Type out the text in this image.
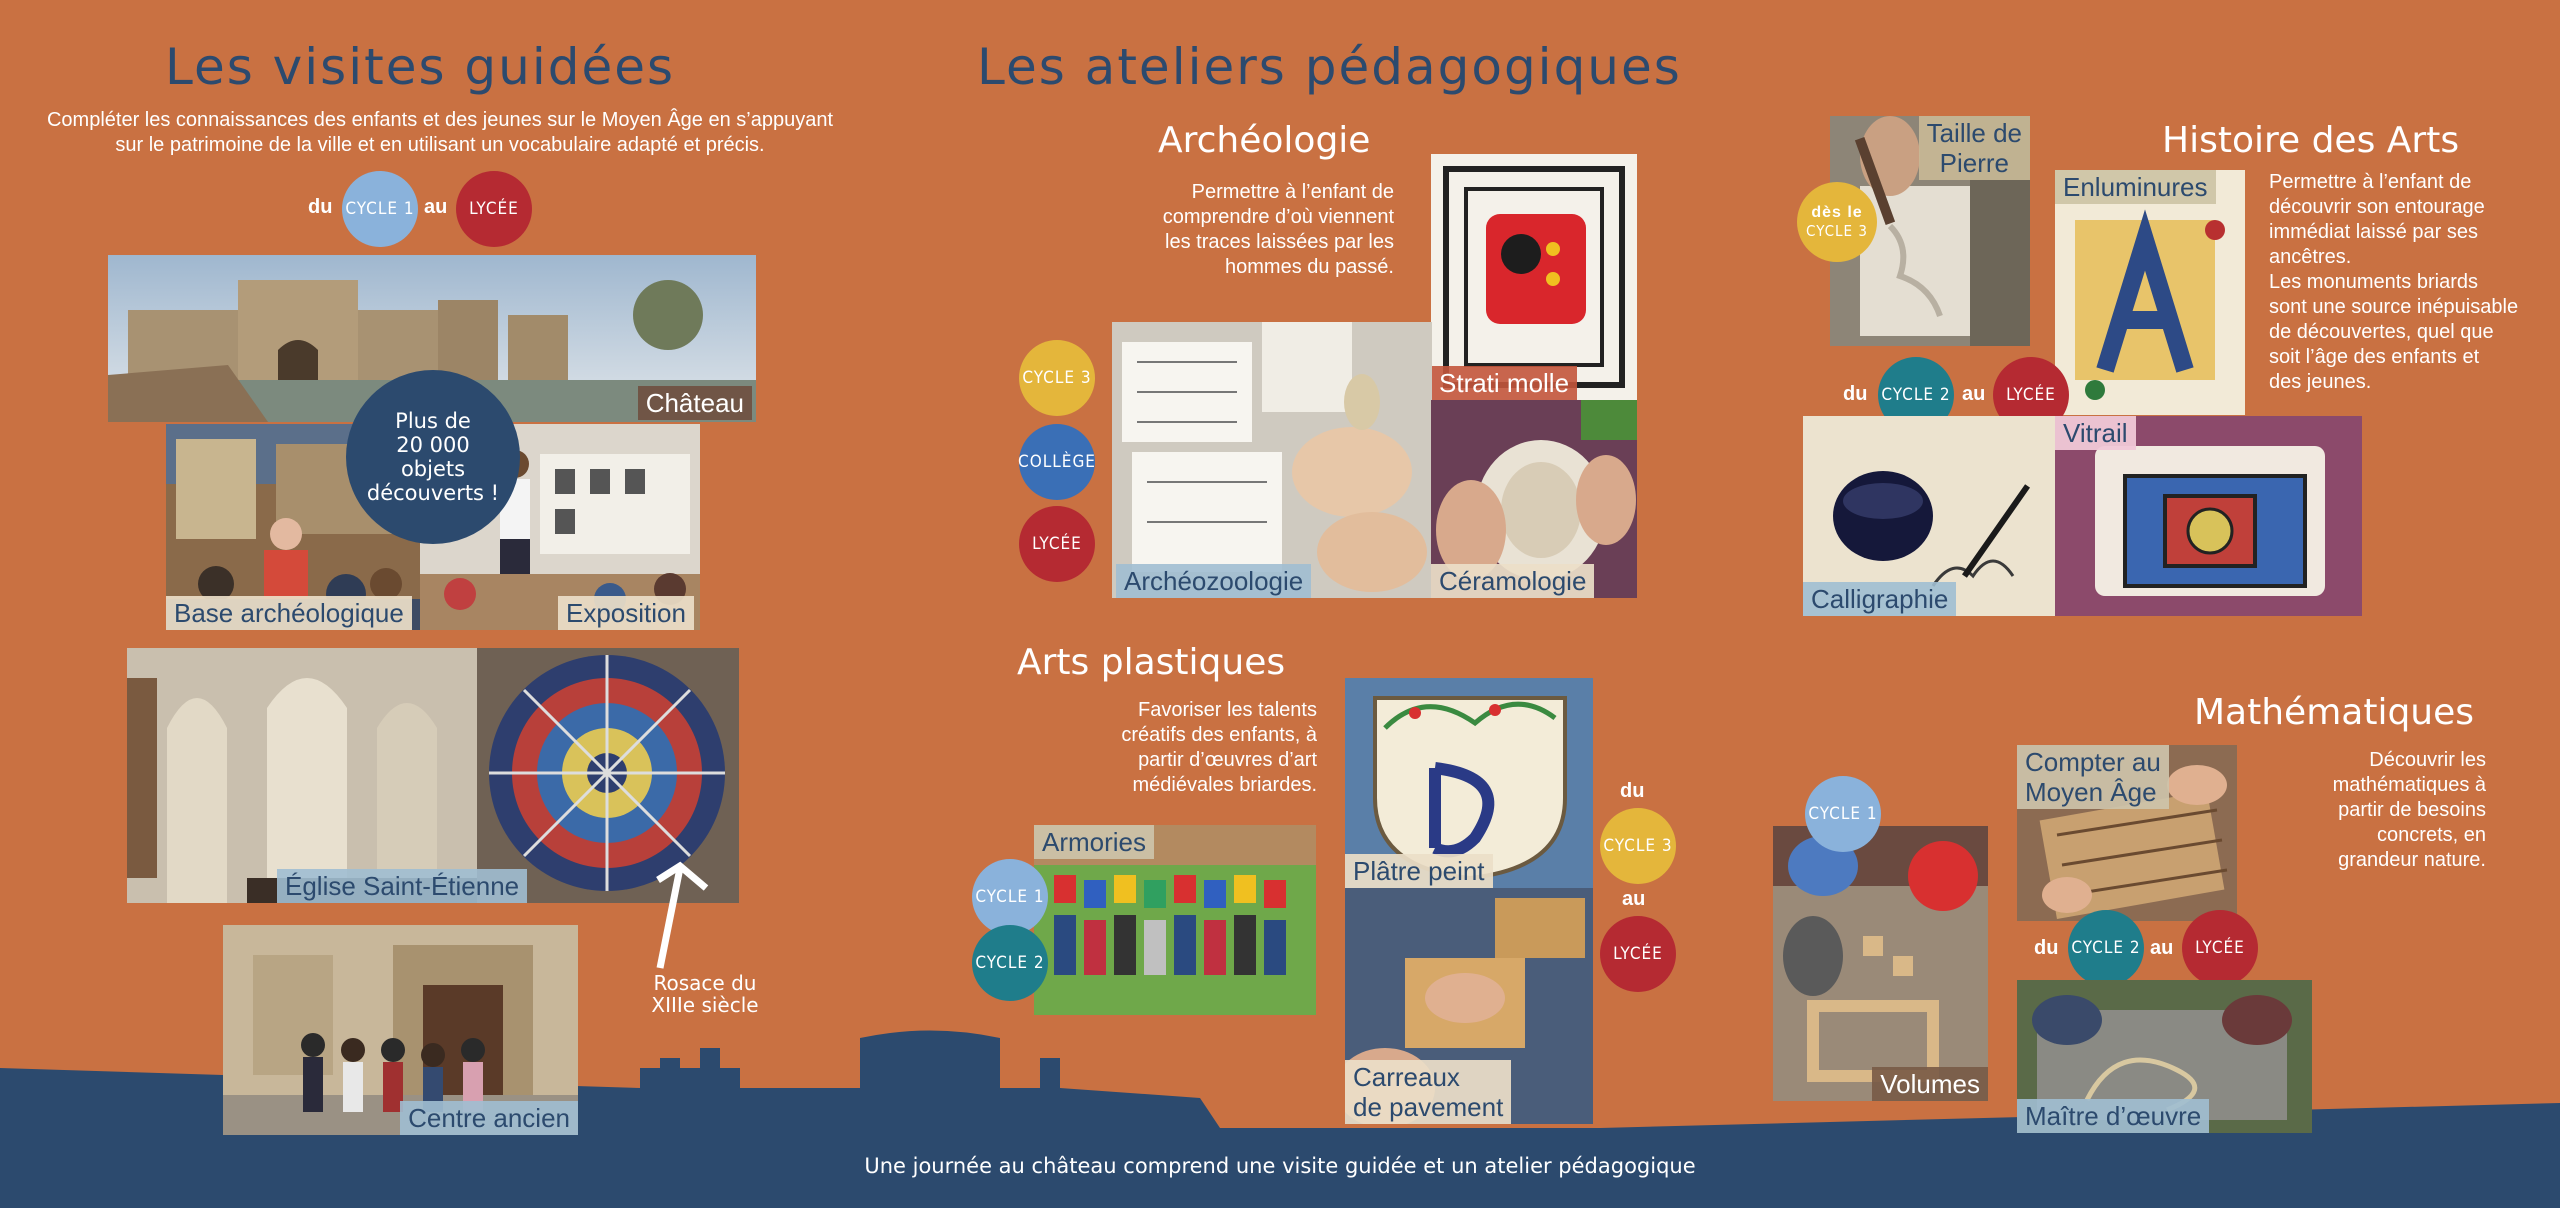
Les visites guidées
Compléter les connaissances des enfants et des jeunes sur le Moyen Âge en s’appuyant
sur le patrimoine de la ville et en utilisant un vocabulaire adapté et précis.
du CYCLE 1 au	LYCÉE
Château
Base archéologique	Exposition
Plus de
20 000
objets
découverts !
Église Saint-Étienne
Rosace du
XIIIe siècle
Une journée au château comprend une visite guidée et un atelier pédagogique
Centre ancien
Les ateliers pédagogiques
Archéologie
Permettre à l’enfant de
comprendre d’où viennent
les traces laissées par les
hommes du passé.
CYCLE 3
COLLÈGE
LYCÉE
Strati molle
Archéozoologie	Céramologie
Histoire des Arts
Permettre à l’enfant de
découvrir son entourage
immédiat laissé par ses
ancêtres.
Les monuments briards
sont une source inépuisable
de découvertes, quel que
soit l’âge des enfants et
des jeunes.
Taille de
Pierre
dès le
CYCLE 3
Enluminures
du CYCLE 2 au	LYCÉE
Calligraphie
Vitrail
Arts plastiques
Favoriser les talents
créatifs des enfants, à
partir d’œuvres d’art
médiévales briardes.
Armories
CYCLE 1
CYCLE 2
Plâtre peint
Carreaux
de pavement
du
CYCLE 3
au
LYCÉE
Mathématiques
Découvrir les
mathématiques à
partir de besoins
concrets, en
grandeur nature.
Volumes
CYCLE 1
Compter au
Moyen Âge
du CYCLE 2 au	LYCÉE
Maître d’œuvre
